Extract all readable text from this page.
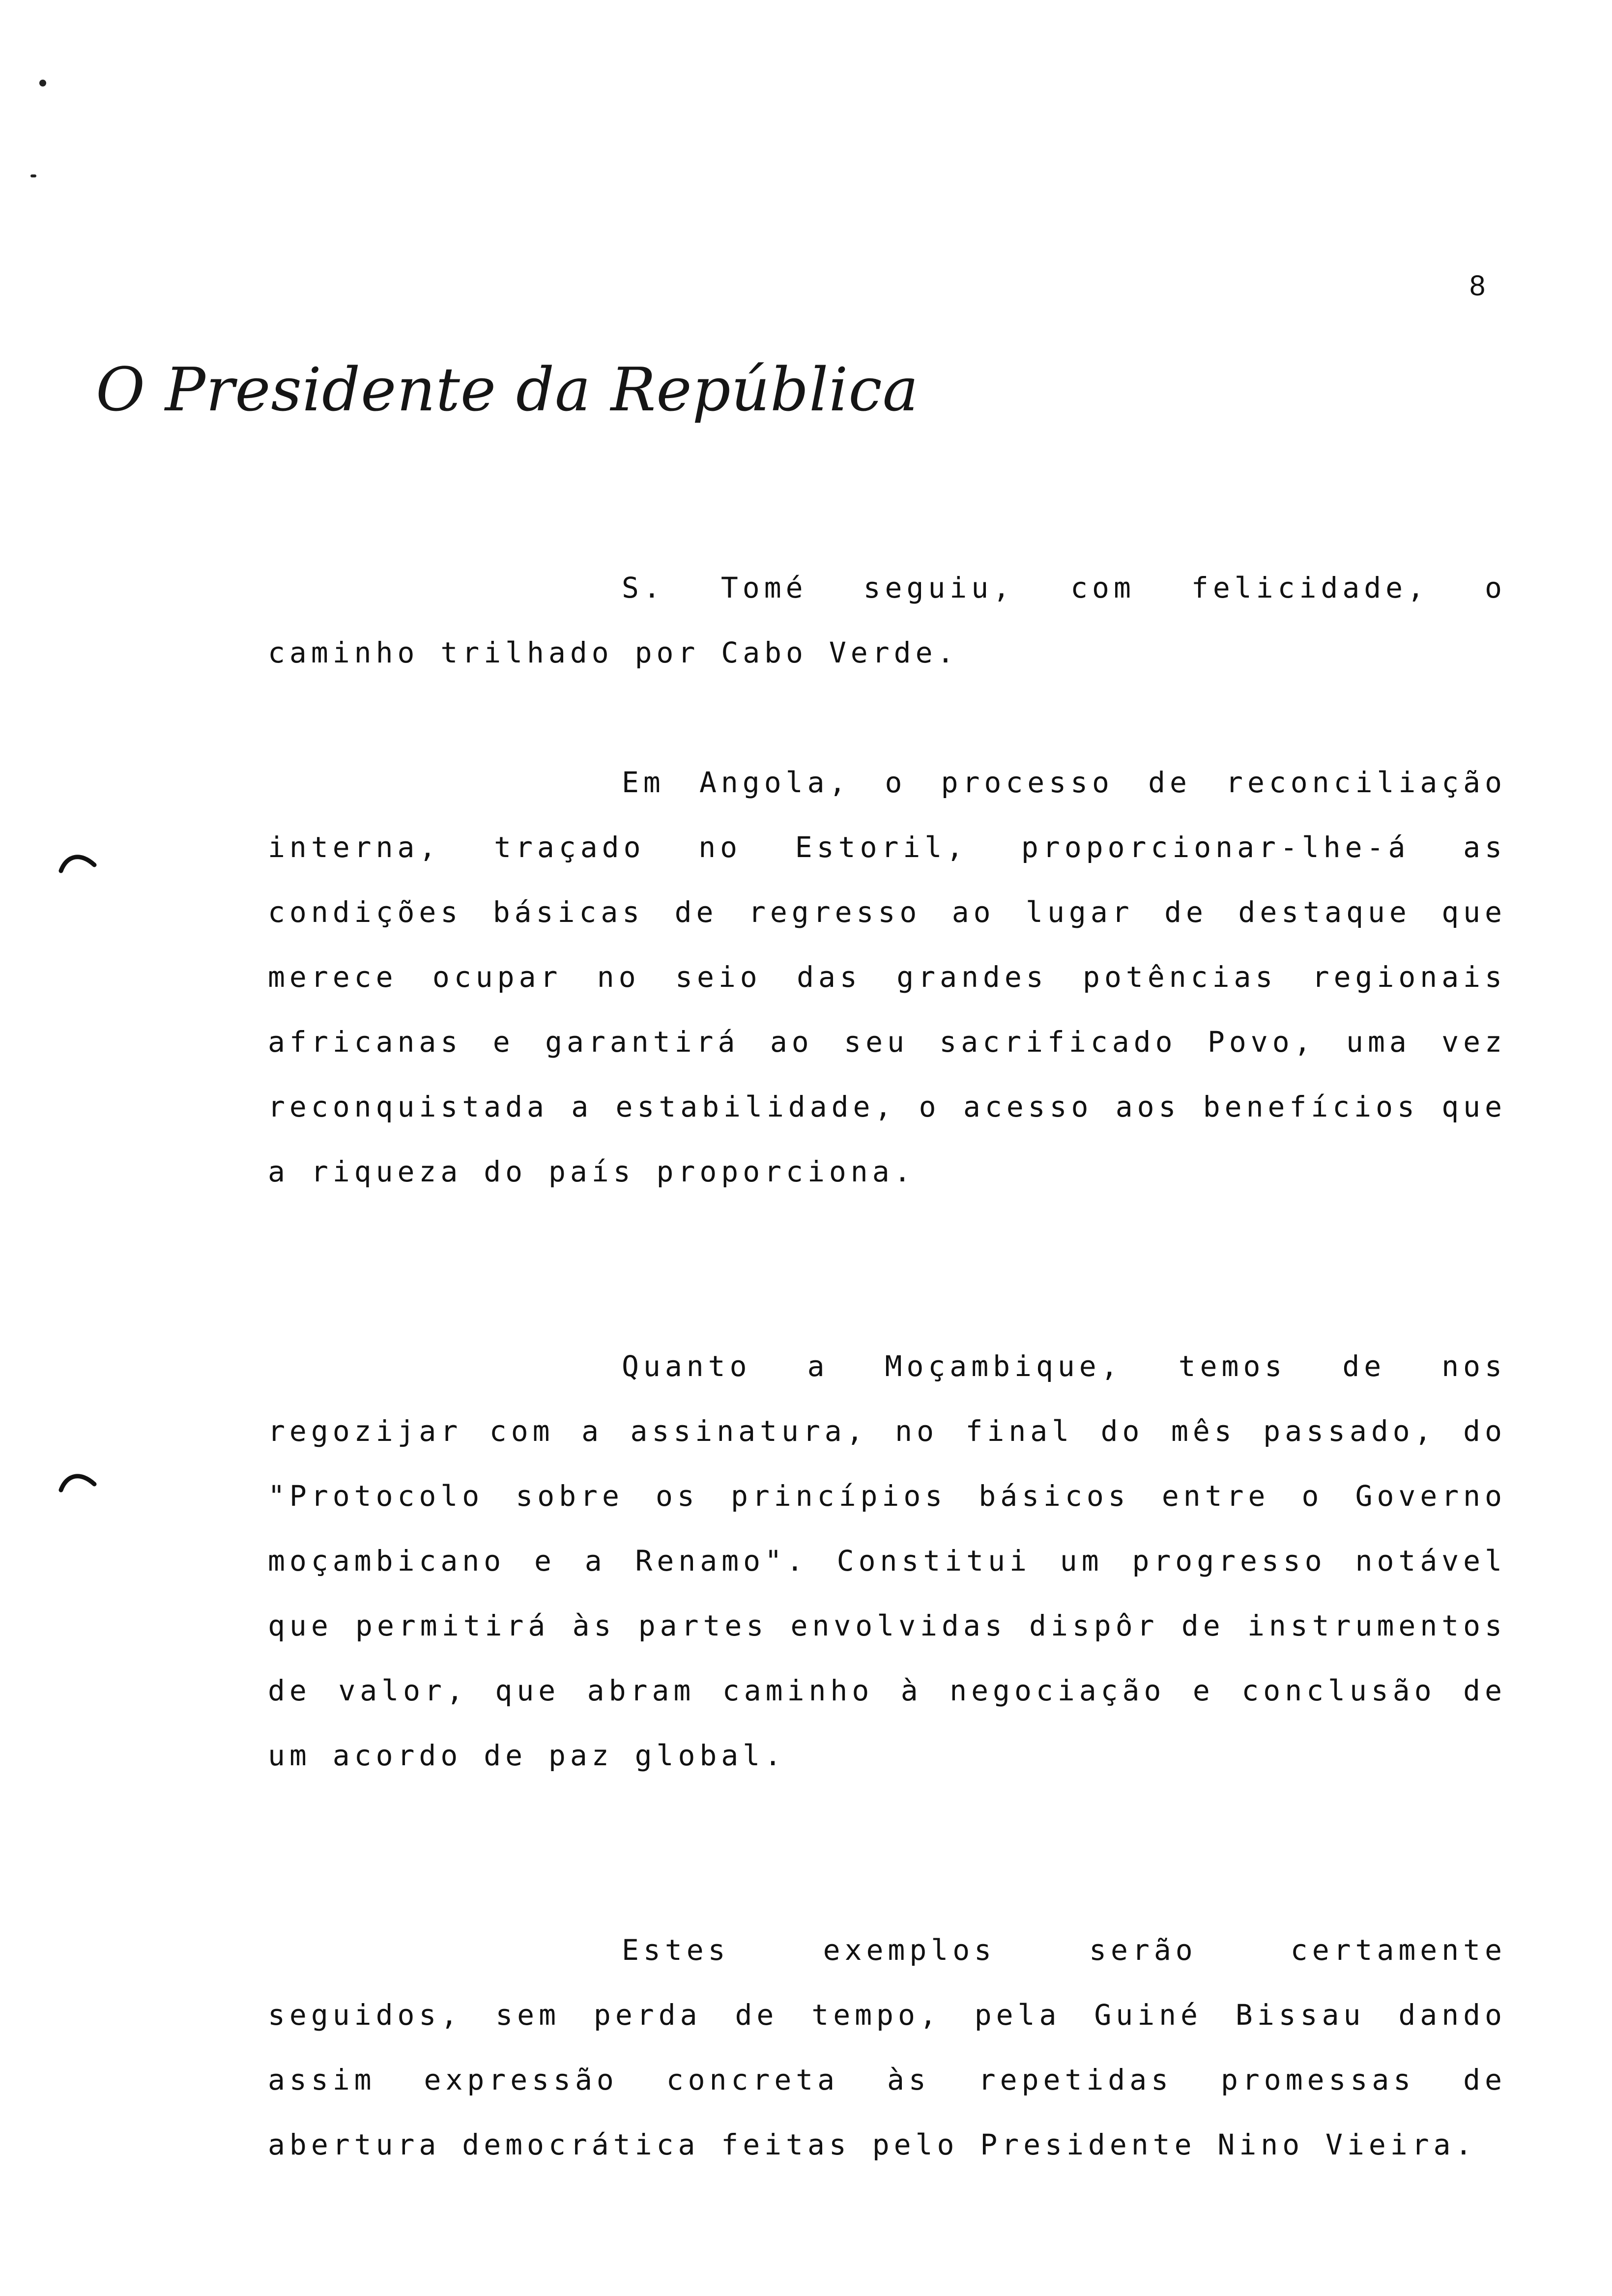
8
O Presidente da República

S. Tomé seguiu, com felicidade, o caminho trilhado por Cabo Verde.

Em Angola, o processo de reconciliação interna, traçado no Estoril, proporcionar-lhe-á as condições básicas de regresso ao lugar de destaque que merece ocupar no seio das grandes potências regionais africanas e garantirá ao seu sacrificado Povo, uma vez reconquistada a estabilidade, o acesso aos benefícios que a riqueza do país proporciona.

Quanto a Moçambique, temos de nos regozijar com a assinatura, no final do mês passado, do "Protocolo sobre os princípios básicos entre o Governo moçambicano e a Renamo". Constitui um progresso notável que permitirá às partes envolvidas dispôr de instrumentos de valor, que abram caminho à negociação e conclusão de um acordo de paz global.

Estes exemplos serão certamente seguidos, sem perda de tempo, pela Guiné Bissau dando assim expressão concreta às repetidas promessas de abertura democrática feitas pelo Presidente Nino Vieira.
